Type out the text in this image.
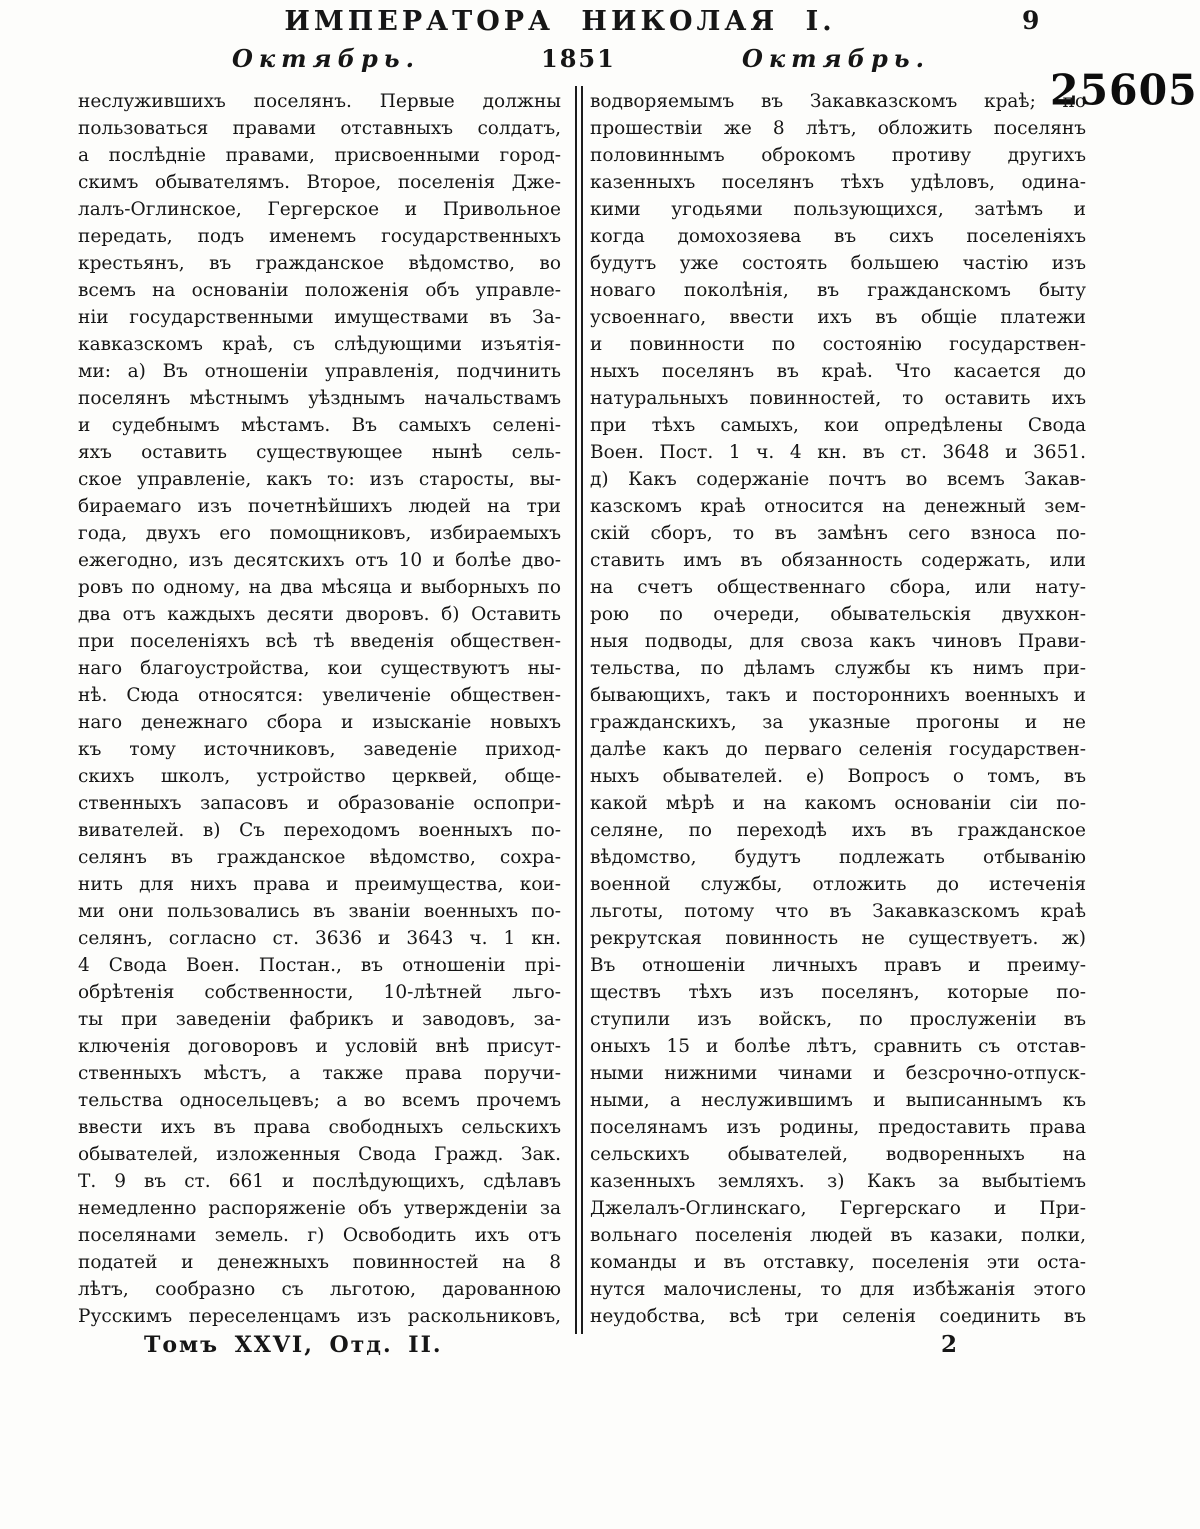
ИМПЕРАТОРА НИКОЛАЯ I.	9
Октябрь.	1851	Октябрь.
25605
неслужившихъ поселянъ. Первые должны
пользоваться правами отставныхъ солдатъ,
а послѣдніе правами, присвоенными город-
скимъ обывателямъ. Второе, поселенія Дже-
лалъ-Оглинское, Гергерское и Привольное
передать, подъ именемъ государственныхъ
крестьянъ, въ гражданское вѣдомство, во
всемъ на основаніи положенія объ управле-
ніи государственными имуществами въ За-
кавказскомъ краѣ, съ слѣдующими изъятія-
ми: а) Въ отношеніи управленія, подчинить
поселянъ мѣстнымъ уѣзднымъ начальствамъ
и судебнымъ мѣстамъ. Въ самыхъ селені-
яхъ оставить существующее нынѣ сель-
ское управленіе, какъ то: изъ старосты, вы-
бираемаго изъ почетнѣйшихъ людей на три
года, двухъ его помощниковъ, избираемыхъ
ежегодно, изъ десятскихъ отъ 10 и болѣе дво-
ровъ по одному, на два мѣсяца и выборныхъ по
два отъ каждыхъ десяти дворовъ. б) Оставить
при поселеніяхъ всѣ тѣ введенія обществен-
наго благоустройства, кои существуютъ ны-
нѣ. Сюда относятся: увеличеніе обществен-
наго денежнаго сбора и изысканіе новыхъ
къ тому источниковъ, заведеніе приход-
скихъ школъ, устройство церквей, обще-
ственныхъ запасовъ и образованіе оспопри-
вивателей. в) Съ переходомъ военныхъ по-
селянъ въ гражданское вѣдомство, сохра-
нить для нихъ права и преимущества, кои-
ми они пользовались въ званіи военныхъ по-
селянъ, согласно ст. 3636 и 3643 ч. 1 кн.
4 Свода Воен. Постан., въ отношеніи прі-
обрѣтенія собственности, 10-лѣтней льго-
ты при заведеніи фабрикъ и заводовъ, за-
ключенія договоровъ и условій внѣ присут-
ственныхъ мѣстъ, а также права поручи-
тельства односельцевъ; а во всемъ прочемъ
ввести ихъ въ права свободныхъ сельскихъ
обывателей, изложенныя Свода Гражд. Зак.
Т. 9 въ ст. 661 и послѣдующихъ, сдѣлавъ
немедленно распоряженіе объ утвержденіи за
поселянами земель. г) Освободить ихъ отъ
податей и денежныхъ повинностей на 8
лѣтъ, сообразно съ льготою, дарованною
Русскимъ переселенцамъ изъ раскольниковъ,
водворяемымъ въ Закавказскомъ краѣ; по
прошествіи же 8 лѣтъ, обложить поселянъ
половиннымъ оброкомъ противу другихъ
казенныхъ поселянъ тѣхъ удѣловъ, одина-
кими угодьями пользующихся, затѣмъ и
когда домохозяева въ сихъ поселеніяхъ
будутъ уже состоять большею частію изъ
новаго поколѣнія, въ гражданскомъ быту
усвоеннаго, ввести ихъ въ общіе платежи
и повинности по состоянію государствен-
ныхъ поселянъ въ краѣ. Что касается до
натуральныхъ повинностей, то оставить ихъ
при тѣхъ самыхъ, кои опредѣлены Свода
Воен. Пост. 1 ч. 4 кн. въ ст. 3648 и 3651.
д) Какъ содержаніе почтъ во всемъ Закав-
казскомъ краѣ относится на денежный зем-
скій сборъ, то въ замѣнъ сего взноса по-
ставить имъ въ обязанность содержать, или
на счетъ общественнаго сбора, или нату-
рою по очереди, обывательскія двухкон-
ныя подводы, для своза какъ чиновъ Прави-
тельства, по дѣламъ службы къ нимъ при-
бывающихъ, такъ и постороннихъ военныхъ и
гражданскихъ, за указные прогоны и не
далѣе какъ до перваго селенія государствен-
ныхъ обывателей. е) Вопросъ о томъ, въ
какой мѣрѣ и на какомъ основаніи сіи по-
селяне, по переходѣ ихъ въ гражданское
вѣдомство, будутъ подлежать отбыванію
военной службы, отложить до истеченія
льготы, потому что въ Закавказскомъ краѣ
рекрутская повинность не существуетъ. ж)
Въ отношеніи личныхъ правъ и преиму-
ществъ тѣхъ изъ поселянъ, которые по-
ступили изъ войскъ, по прослуженіи въ
оныхъ 15 и болѣе лѣтъ, сравнить съ отстав-
ными нижними чинами и безсрочно-отпуск-
ными, а неслужившимъ и выписаннымъ къ
поселянамъ изъ родины, предоставить права
сельскихъ обывателей, водворенныхъ на
казенныхъ земляхъ. з) Какъ за выбытіемъ
Джелалъ-Оглинскаго, Гергерскаго и При-
вольнаго поселенія людей въ казаки, полки,
команды и въ отставку, поселенія эти оста-
нутся малочислены, то для избѣжанія этого
неудобства, всѣ три селенія соединить въ
Томъ XXVI, Отд. II.	2
